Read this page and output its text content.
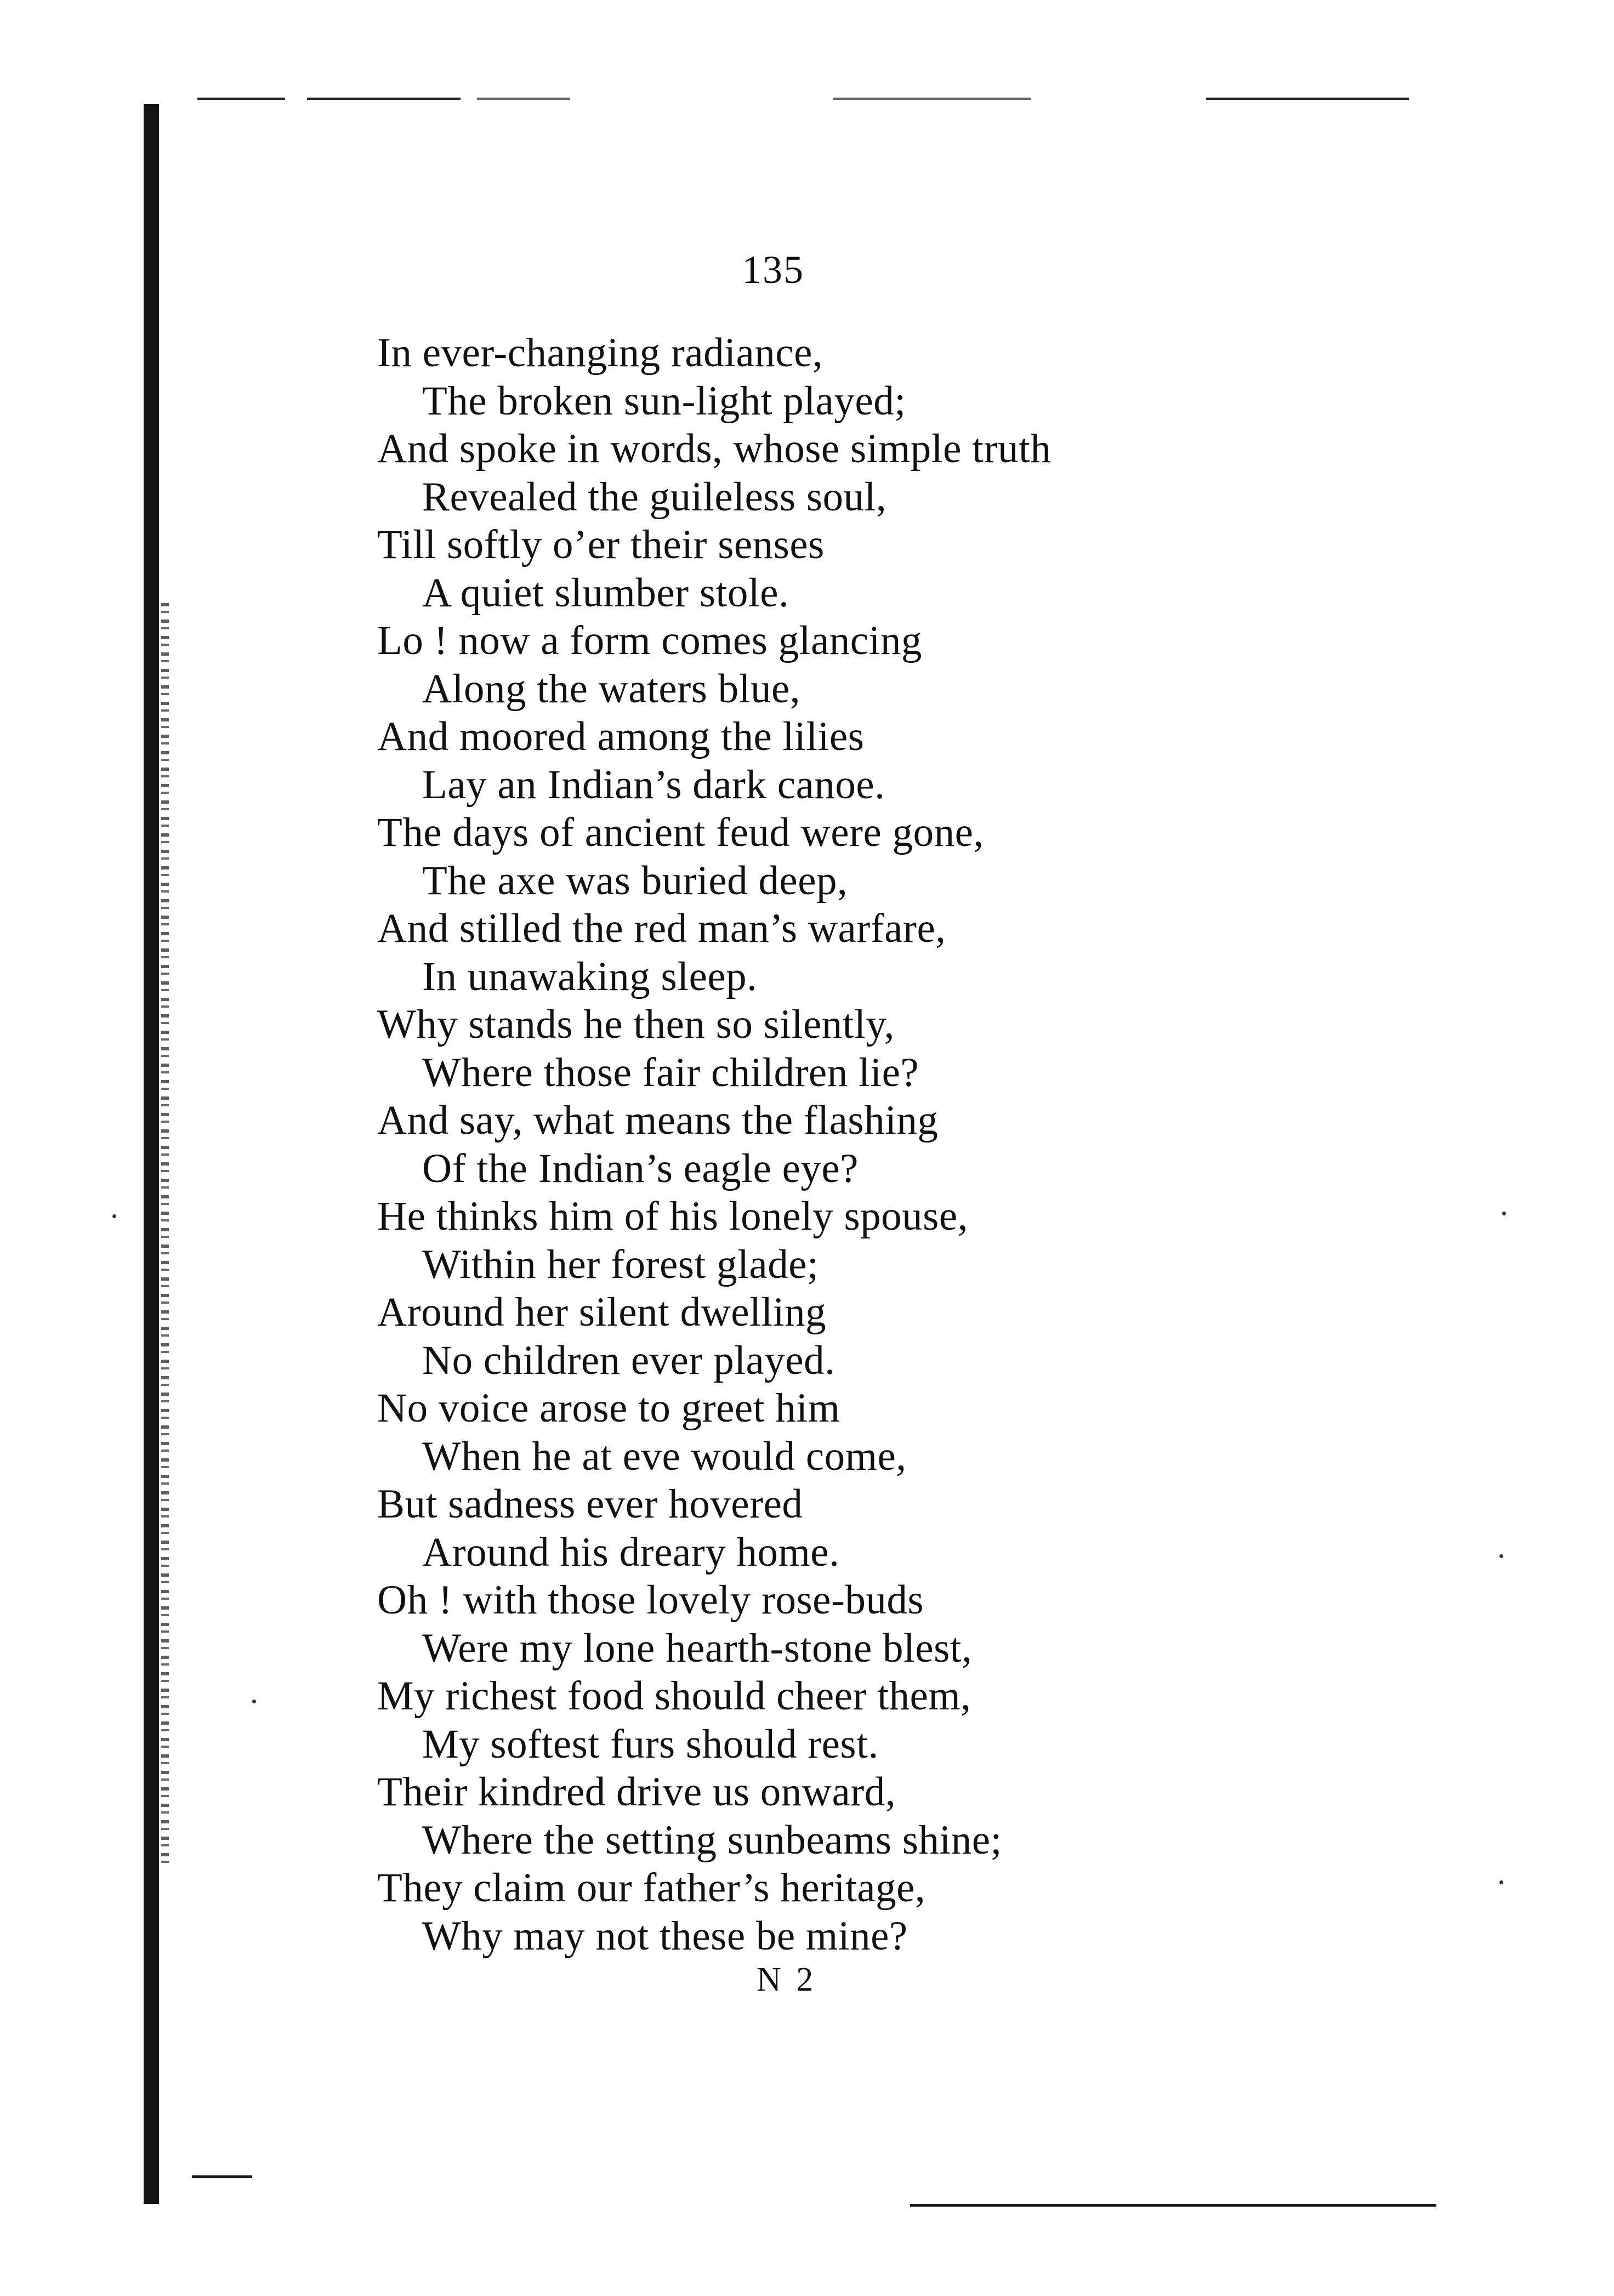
135
In ever-changing radiance,
The broken sun-light played;
And spoke in words, whose simple truth
Revealed the guileless soul,
Till softly o’er their senses
A quiet slumber stole.
Lo ! now a form comes glancing
Along the waters blue,
And moored among the lilies
Lay an Indian’s dark canoe.
The days of ancient feud were gone,
The axe was buried deep,
And stilled the red man’s warfare,
In unawaking sleep.
Why stands he then so silently,
Where those fair children lie?
And say, what means the flashing
Of the Indian’s eagle eye?
He thinks him of his lonely spouse,
Within her forest glade;
Around her silent dwelling
No children ever played.
No voice arose to greet him
When he at eve would come,
But sadness ever hovered
Around his dreary home.
Oh ! with those lovely rose-buds
Were my lone hearth-stone blest,
My richest food should cheer them,
My softest furs should rest.
Their kindred drive us onward,
Where the setting sunbeams shine;
They claim our father’s heritage,
Why may not these be mine?
N 2
